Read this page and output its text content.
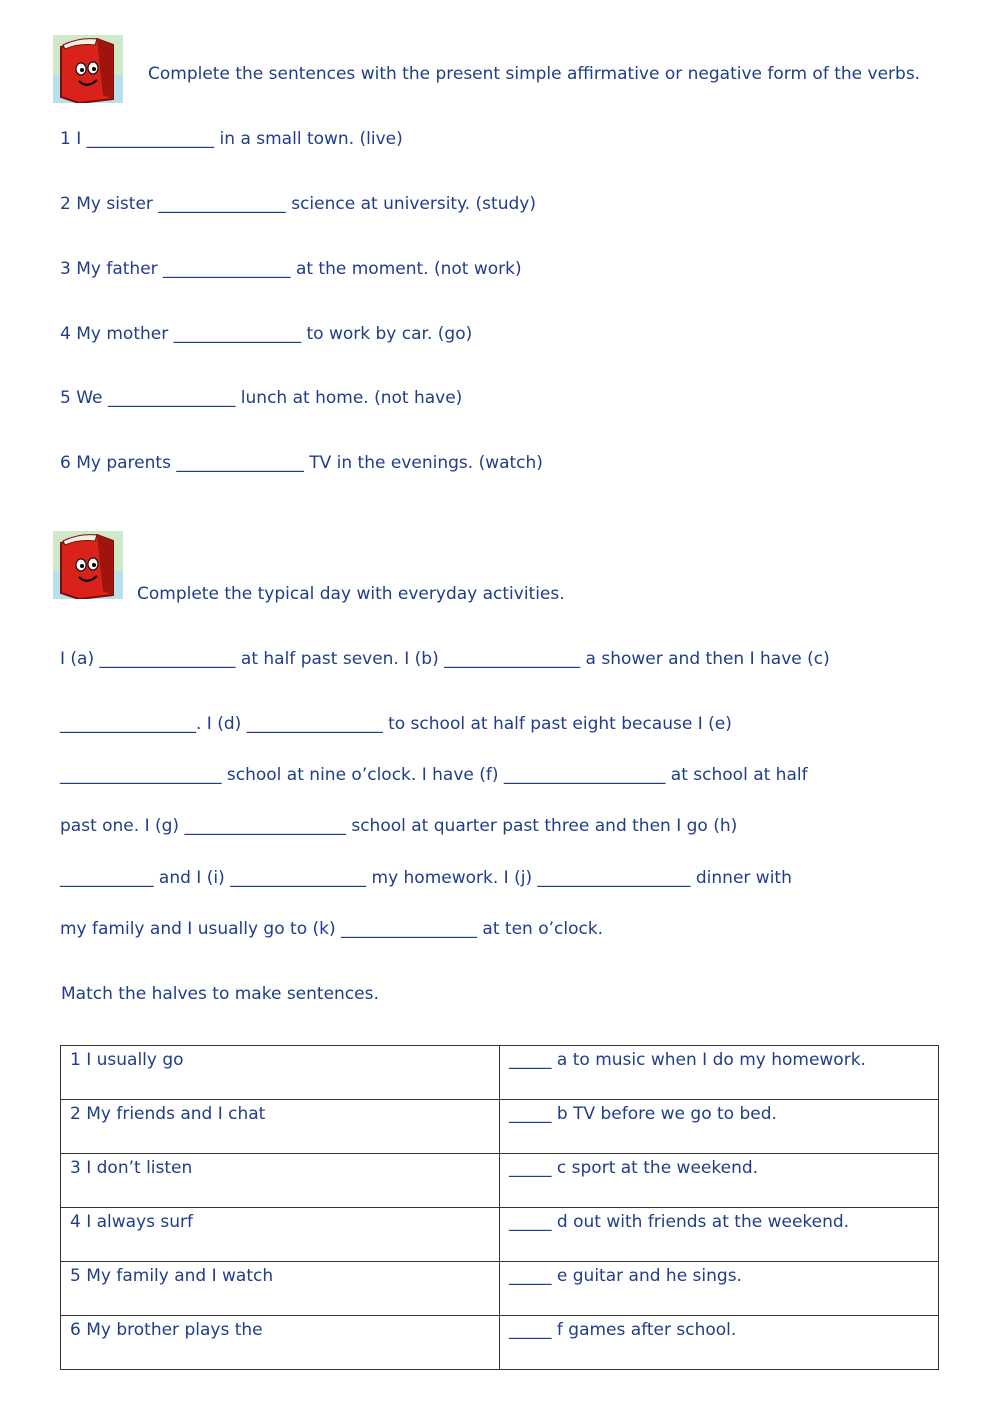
Complete the sentences with the present simple affirmative or negative form of the verbs.
1 I _______________ in a small town. (live)
2 My sister _______________ science at university. (study)
3 My father _______________ at the moment. (not work)
4 My mother _______________ to work by car. (go)
5 We _______________ lunch at home. (not have)
6 My parents _______________ TV in the evenings. (watch)
Complete the typical day with everyday activities.
I (a) ________________ at half past seven. I (b) ________________ a shower and then I have (c)
________________. I (d) ________________ to school at half past eight because I (e)
___________________ school at nine o’clock. I have (f) ___________________ at school at half
past one. I (g) ___________________ school at quarter past three and then I go (h)
___________ and I (i) ________________ my homework. I (j) __________________ dinner with
my family and I usually go to (k) ________________ at ten o’clock.
Match the halves to make sentences.
1 I usually go	_____ a to music when I do my homework.
2 My friends and I chat	_____ b TV before we go to bed.
3 I don’t listen	_____ c sport at the weekend.
4 I always surf	_____ d out with friends at the weekend.
5 My family and I watch	_____ e guitar and he sings.
6 My brother plays the	_____ f games after school.
